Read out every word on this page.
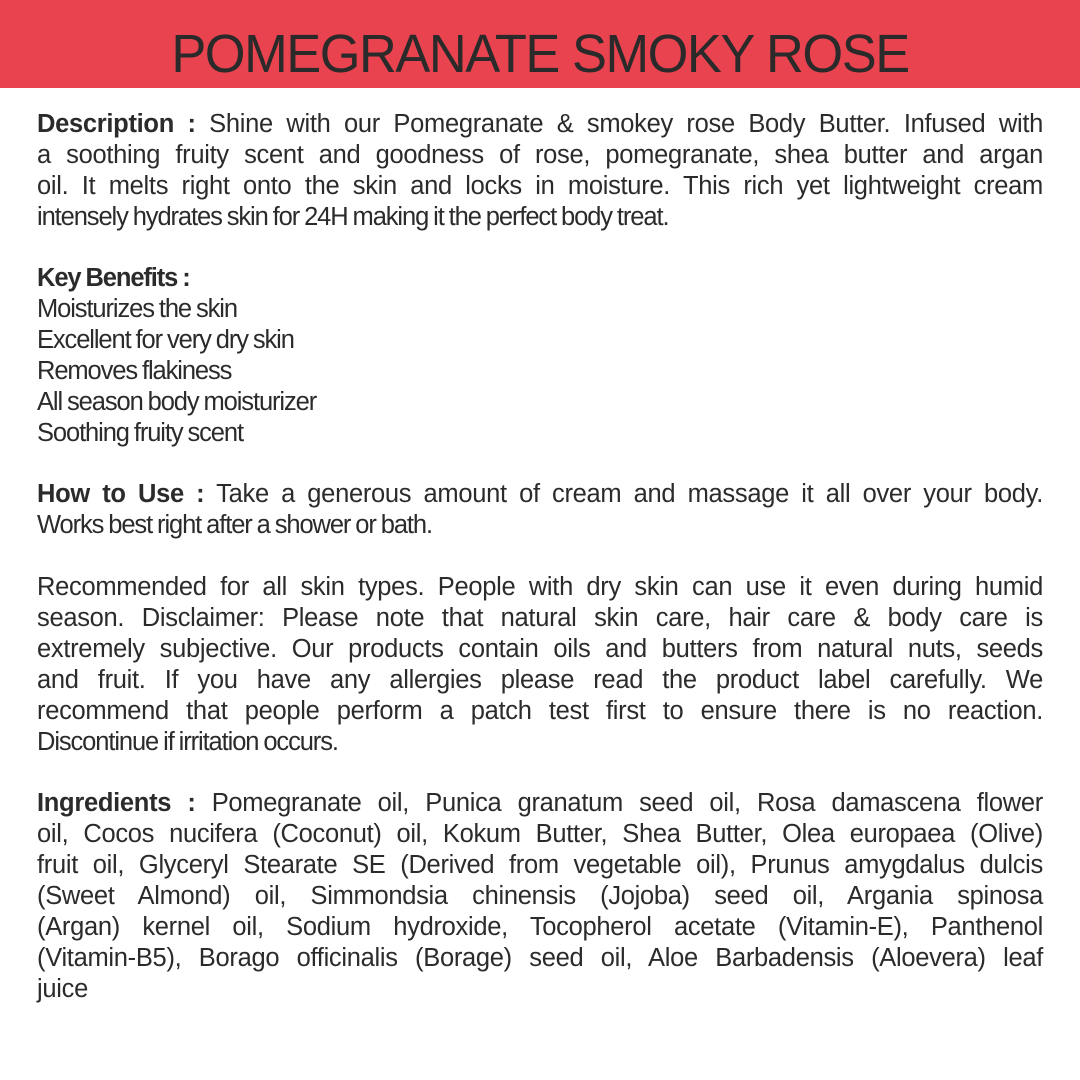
POMEGRANATE SMOKY ROSE
Description : Shine with our Pomegranate & smokey rose Body Butter. Infused with
a soothing fruity scent and goodness of rose, pomegranate, shea butter and argan
oil. It melts right onto the skin and locks in moisture. This rich yet lightweight cream
intensely hydrates skin for 24H making it the perfect body treat.
Key Benefits :
Moisturizes the skin
Excellent for very dry skin
Removes flakiness
All season body moisturizer
Soothing fruity scent
How to Use : Take a generous amount of cream and massage it all over your body.
Works best right after a shower or bath.
Recommended for all skin types. People with dry skin can use it even during humid
season. Disclaimer: Please note that natural skin care, hair care & body care is
extremely subjective. Our products contain oils and butters from natural nuts, seeds
and fruit. If you have any allergies please read the product label carefully. We
recommend that people perform a patch test first to ensure there is no reaction.
Discontinue if irritation occurs.
Ingredients : Pomegranate oil, Punica granatum seed oil, Rosa damascena flower
oil, Cocos nucifera (Coconut) oil, Kokum Butter, Shea Butter, Olea europaea (Olive)
fruit oil, Glyceryl Stearate SE (Derived from vegetable oil), Prunus amygdalus dulcis
(Sweet Almond) oil, Simmondsia chinensis (Jojoba) seed oil, Argania spinosa
(Argan) kernel oil, Sodium hydroxide, Tocopherol acetate (Vitamin-E), Panthenol
(Vitamin-B5), Borago officinalis (Borage) seed oil, Aloe Barbadensis (Aloevera) leaf
juice
